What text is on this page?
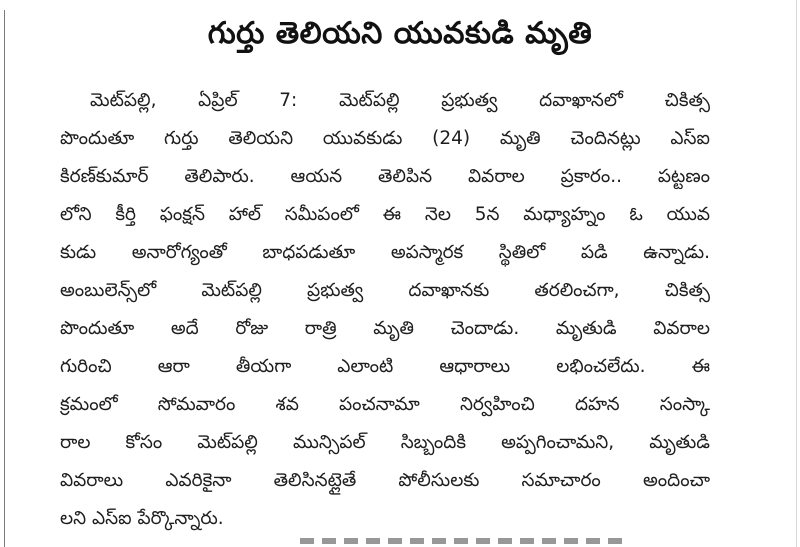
గుర్తు తెలియని యువకుడి మృతి
మెట్‌పల్లి, ఏప్రిల్‌ 7: మెట్‌పల్లి ప్రభుత్వ దవాఖానలో చికిత్స
పొందుతూ గుర్తు తెలియని యువకుడు (24) మృతి చెందినట్లు ఎస్‌ఐ
కిరణ్‌కుమార్‌ తెలిపారు. ఆయన తెలిపిన వివరాల ప్రకారం.. పట్టణం
లోని కీర్తి ఫంక్షన్‌ హాల్‌ సమీపంలో ఈ నెల 5న మధ్యాహ్నం ఓ యువ
కుడు అనారోగ్యంతో బాధపడుతూ అపస్మారక స్థితిలో పడి ఉన్నాడు.
అంబులెన్స్‌లో మెట్‌పల్లి ప్రభుత్వ దవాఖానకు తరలించగా, చికిత్స
పొందుతూ అదే రోజు రాత్రి మృతి చెందాడు. మృతుడి వివరాల
గురించి ఆరా తీయగా ఎలాంటి ఆధారాలు లభించలేదు. ఈ
క్రమంలో సోమవారం శవ పంచనామా నిర్వహించి దహన సంస్కా
రాల కోసం మెట్‌పల్లి మున్సిపల్‌ సిబ్బందికి అప్పగించామని, మృతుడి
వివరాలు ఎవరికైనా తెలిసినట్లైతే పోలీసులకు సమాచారం అందించా
లని ఎస్‌ఐ పేర్కొన్నారు.
